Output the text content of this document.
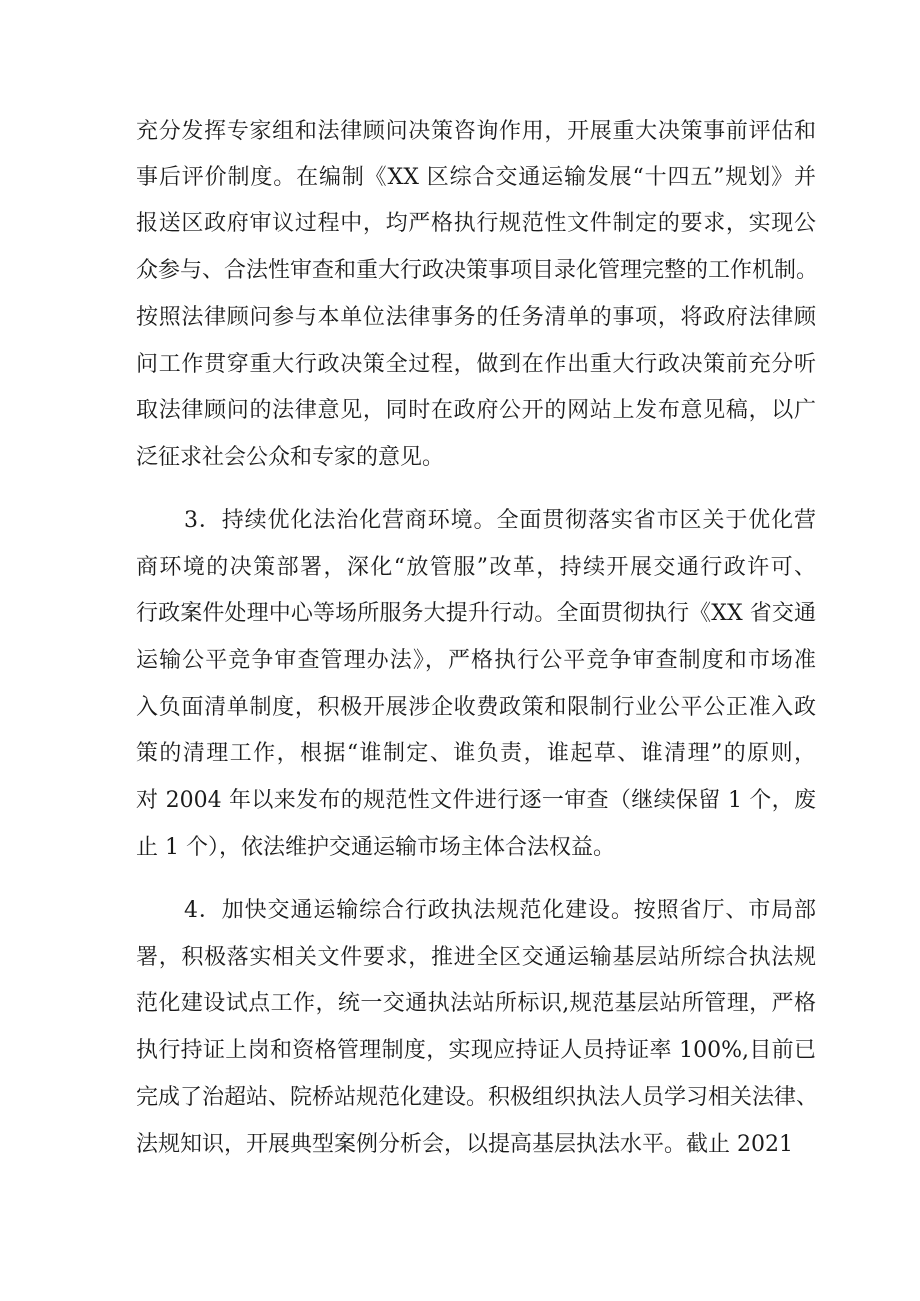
充分发挥专家组和法律顾问决策咨询作用，开展重大决策事前评估和

事后评价制度。在编制《XX 区综合交通运输发展“十四五”规划》并

报送区政府审议过程中，均严格执行规范性文件制定的要求，实现公

众参与、合法性审查和重大行政决策事项目录化管理完整的工作机制。

按照法律顾问参与本单位法律事务的任务清单的事项，将政府法律顾

问工作贯穿重大行政决策全过程，做到在作出重大行政决策前充分听

取法律顾问的法律意见，同时在政府公开的网站上发布意见稿，以广

泛征求社会公众和专家的意见。

3．持续优化法治化营商环境。全面贯彻落实省市区关于优化营

商环境的决策部署，深化“放管服”改革，持续开展交通行政许可、

行政案件处理中心等场所服务大提升行动。全面贯彻执行《XX 省交通

运输公平竞争审查管理办法》，严格执行公平竞争审查制度和市场准

入负面清单制度，积极开展涉企收费政策和限制行业公平公正准入政

策的清理工作，根据“谁制定、谁负责，谁起草、谁清理”的原则，

对 2004 年以来发布的规范性文件进行逐一审查（继续保留 1 个，废

止 1 个），依法维护交通运输市场主体合法权益。

4．加快交通运输综合行政执法规范化建设。按照省厅、市局部

署，积极落实相关文件要求，推进全区交通运输基层站所综合执法规

范化建设试点工作，统一交通执法站所标识,规范基层站所管理，严格

执行持证上岗和资格管理制度，实现应持证人员持证率 100%,目前已

完成了治超站、院桥站规范化建设。积极组织执法人员学习相关法律、

法规知识，开展典型案例分析会，以提高基层执法水平。截止 2021
